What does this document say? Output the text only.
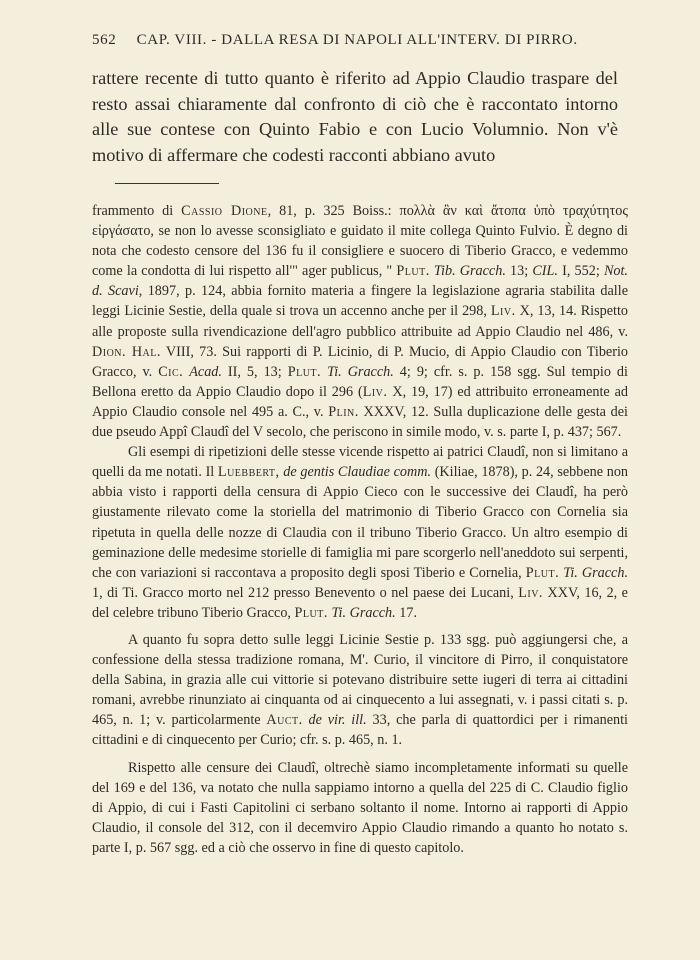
562 CAP. VIII. - DALLA RESA DI NAPOLI ALL'INTERV. DI PIRRO.

rattere recente di tutto quanto è riferito ad Appio Claudio traspare del resto assai chiaramente dal confronto di ciò che è raccontato intorno alle sue contese con Quinto Fabio e con Lucio Volumnio. Non v'è motivo di affermare che codesti racconti abbiano avuto

frammento di Cassio Dione, 81, p. 325 Boiss.: πολλὰ ἂν καὶ ἄτοπα ὑπὸ τραχύτητος εἰργάσατο, se non lo avesse sconsigliato e guidato il mite collega Quinto Fulvio. È degno di nota che codesto censore del 136 fu il consigliere e suocero di Tiberio Gracco, e vedemmo come la condotta di lui rispetto all'" ager publicus, " Plut. Tib. Gracch. 13; CIL. I, 552; Not. d. Scavi, 1897, p. 124, abbia fornito materia a fingere la legislazione agraria stabilita dalle leggi Licinie Sestie, della quale si trova un accenno anche per il 298, Liv. X, 13, 14. Rispetto alle proposte sulla rivendicazione dell'agro pubblico attribuite ad Appio Claudio nel 486, v. Dion. Hal. VIII, 73. Sui rapporti di P. Licinio, di P. Mucio, di Appio Claudio con Tiberio Gracco, v. Cic. Acad. II, 5, 13; Plut. Ti. Gracch. 4; 9; cfr. s. p. 158 sgg. Sul tempio di Bellona eretto da Appio Claudio dopo il 296 (Liv. X, 19, 17) ed attribuito erroneamente ad Appio Claudio console nel 495 a. C., v. Plin. XXXV, 12. Sulla duplicazione delle gesta dei due pseudo Appî Claudî del V secolo, che periscono in simile modo, v. s. parte I, p. 437; 567.

Gli esempi di ripetizioni delle stesse vicende rispetto ai patrici Claudî, non si limitano a quelli da me notati. Il Luebbert, de gentis Claudiae comm. (Kiliae, 1878), p. 24, sebbene non abbia visto i rapporti della censura di Appio Cieco con le successive dei Claudî, ha però giustamente rilevato come la storiella del matrimonio di Tiberio Gracco con Cornelia sia ripetuta in quella delle nozze di Claudia con il tribuno Tiberio Gracco. Un altro esempio di geminazione delle medesime storielle di famiglia mi pare scorgerlo nell'aneddoto sui serpenti, che con variazioni si raccontava a proposito degli sposi Tiberio e Cornelia, Plut. Ti. Gracch. 1, di Ti. Gracco morto nel 212 presso Benevento o nel paese dei Lucani, Liv. XXV, 16, 2, e del celebre tribuno Tiberio Gracco, Plut. Ti. Gracch. 17.

A quanto fu sopra detto sulle leggi Licinie Sestie p. 133 sgg. può aggiungersi che, a confessione della stessa tradizione romana, M'. Curio, il vincitore di Pirro, il conquistatore della Sabina, in grazia alle cui vittorie si potevano distribuire sette iugeri di terra ai cittadini romani, avrebbe rinunziato ai cinquanta od ai cinquecento a lui assegnati, v. i passi citati s. p. 465, n. 1; v. particolarmente Auct. de vir. ill. 33, che parla di quattordici per i rimanenti cittadini e di cinquecento per Curio; cfr. s. p. 465, n. 1.

Rispetto alle censure dei Claudî, oltrechè siamo incompletamente informati su quelle del 169 e del 136, va notato che nulla sappiamo intorno a quella del 225 di C. Claudio figlio di Appio, di cui i Fasti Capitolini ci serbano soltanto il nome. Intorno ai rapporti di Appio Claudio, il console del 312, con il decemviro Appio Claudio rimando a quanto ho notato s. parte I, p. 567 sgg. ed a ciò che osservo in fine di questo capitolo.
